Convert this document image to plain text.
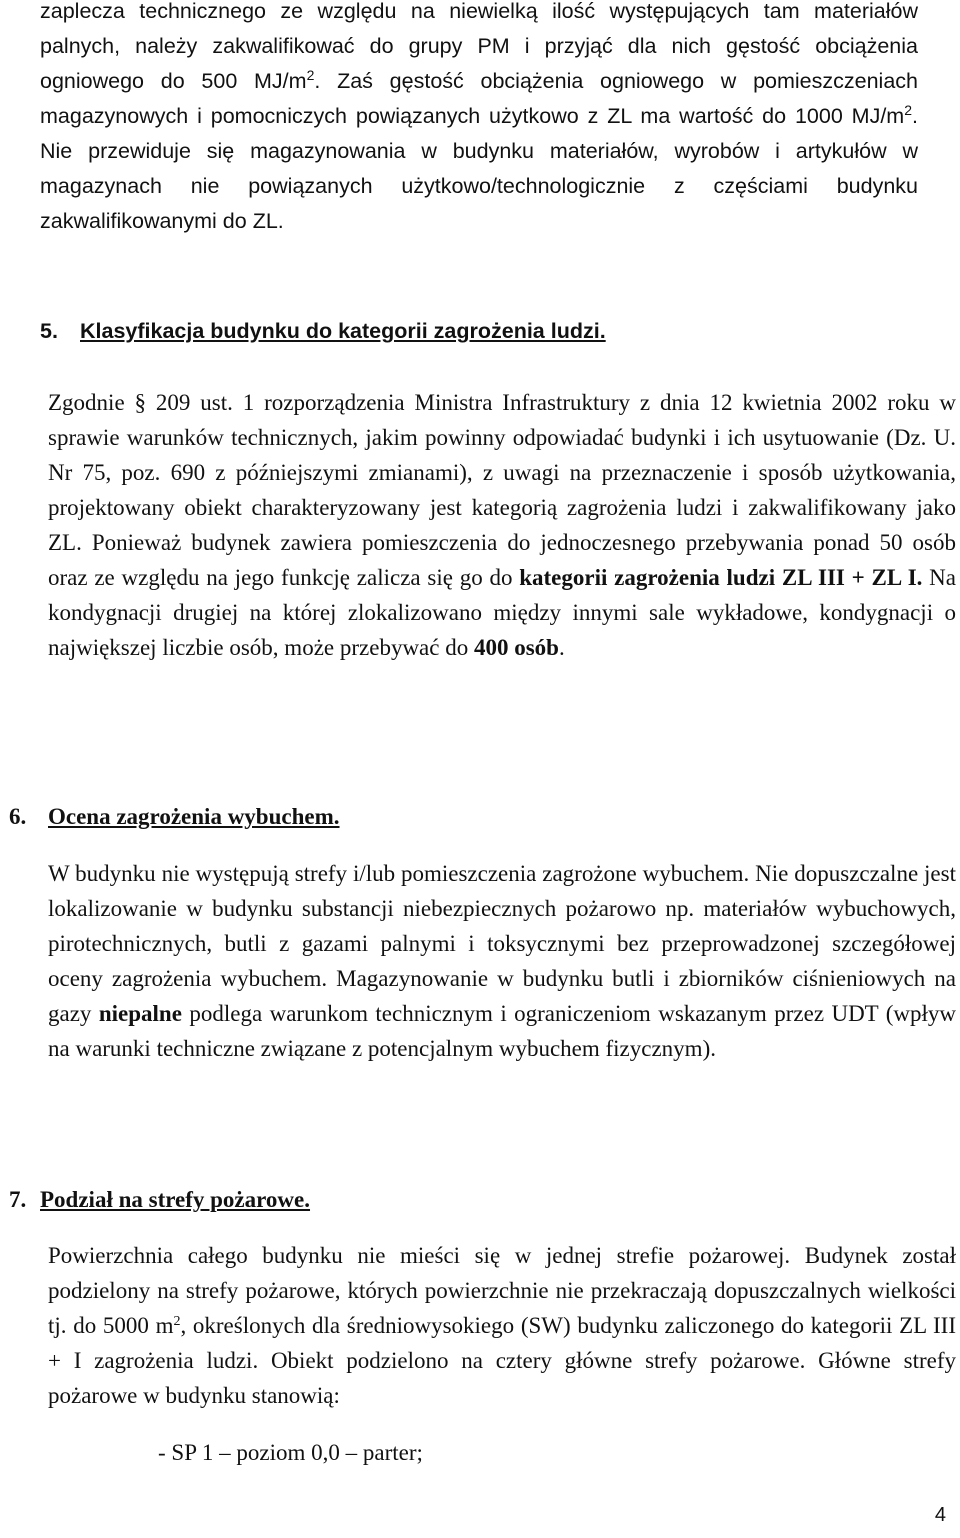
zaplecza technicznego ze względu na niewielką ilość występujących tam materiałów palnych, należy zakwalifikować do grupy PM i przyjąć dla nich gęstość obciążenia ogniowego do 500 $MJ/m^2$. Zaś gęstość obciążenia ogniowego w pomieszczeniach magazynowych i pomocniczych powiązanych użytkowo z ZL ma wartość do 1000 $MJ/m^2$. Nie przewiduje się magazynowania w budynku materiałów, wyrobów i artykułów w magazynach nie powiązanych użytkowo/technologicznie z częściami budynku zakwalifikowanymi do ZL.

5. Klasyfikacja budynku do kategorii zagrożenia ludzi.

Zgodnie § 209 ust. 1 rozporządzenia Ministra Infrastruktury z dnia 12 kwietnia 2002 roku w sprawie warunków technicznych, jakim powinny odpowiadać budynki i ich usytuowanie (Dz. U. Nr 75, poz. 690 z późniejszymi zmianami), z uwagi na przeznaczenie i sposób użytkowania, projektowany obiekt charakteryzowany jest kategorią zagrożenia ludzi i zakwalifikowany jako ZL. Ponieważ budynek zawiera pomieszczenia do jednoczesnego przebywania ponad 50 osób oraz ze względu na jego funkcję zalicza się go do kategorii zagrożenia ludzi ZL III + ZL I. Na kondygnacji drugiej na której zlokalizowano między innymi sale wykładowe, kondygnacji o największej liczbie osób, może przebywać do 400 osób.

6. Ocena zagrożenia wybuchem.

W budynku nie występują strefy i/lub pomieszczenia zagrożone wybuchem. Nie dopuszczalne jest lokalizowanie w budynku substancji niebezpiecznych pożarowo np. materiałów wybuchowych, pirotechnicznych, butli z gazami palnymi i toksycznymi bez przeprowadzonej szczegółowej oceny zagrożenia wybuchem. Magazynowanie w budynku butli i zbiorników ciśnieniowych na gazy niepalne podlega warunkom technicznym i ograniczeniom wskazanym przez UDT (wpływ na warunki techniczne związane z potencjalnym wybuchem fizycznym).

7. Podział na strefy pożarowe.

Powierzchnia całego budynku nie mieści się w jednej strefie pożarowej. Budynek został podzielony na strefy pożarowe, których powierzchnie nie przekraczają dopuszczalnych wielkości tj. do 5000 $m^2$, określonych dla średniowysokiego (SW) budynku zaliczonego do kategorii ZL III + I zagrożenia ludzi. Obiekt podzielono na cztery główne strefy pożarowe. Główne strefy pożarowe w budynku stanowią:

- SP 1 – poziom 0,0 – parter;

4
